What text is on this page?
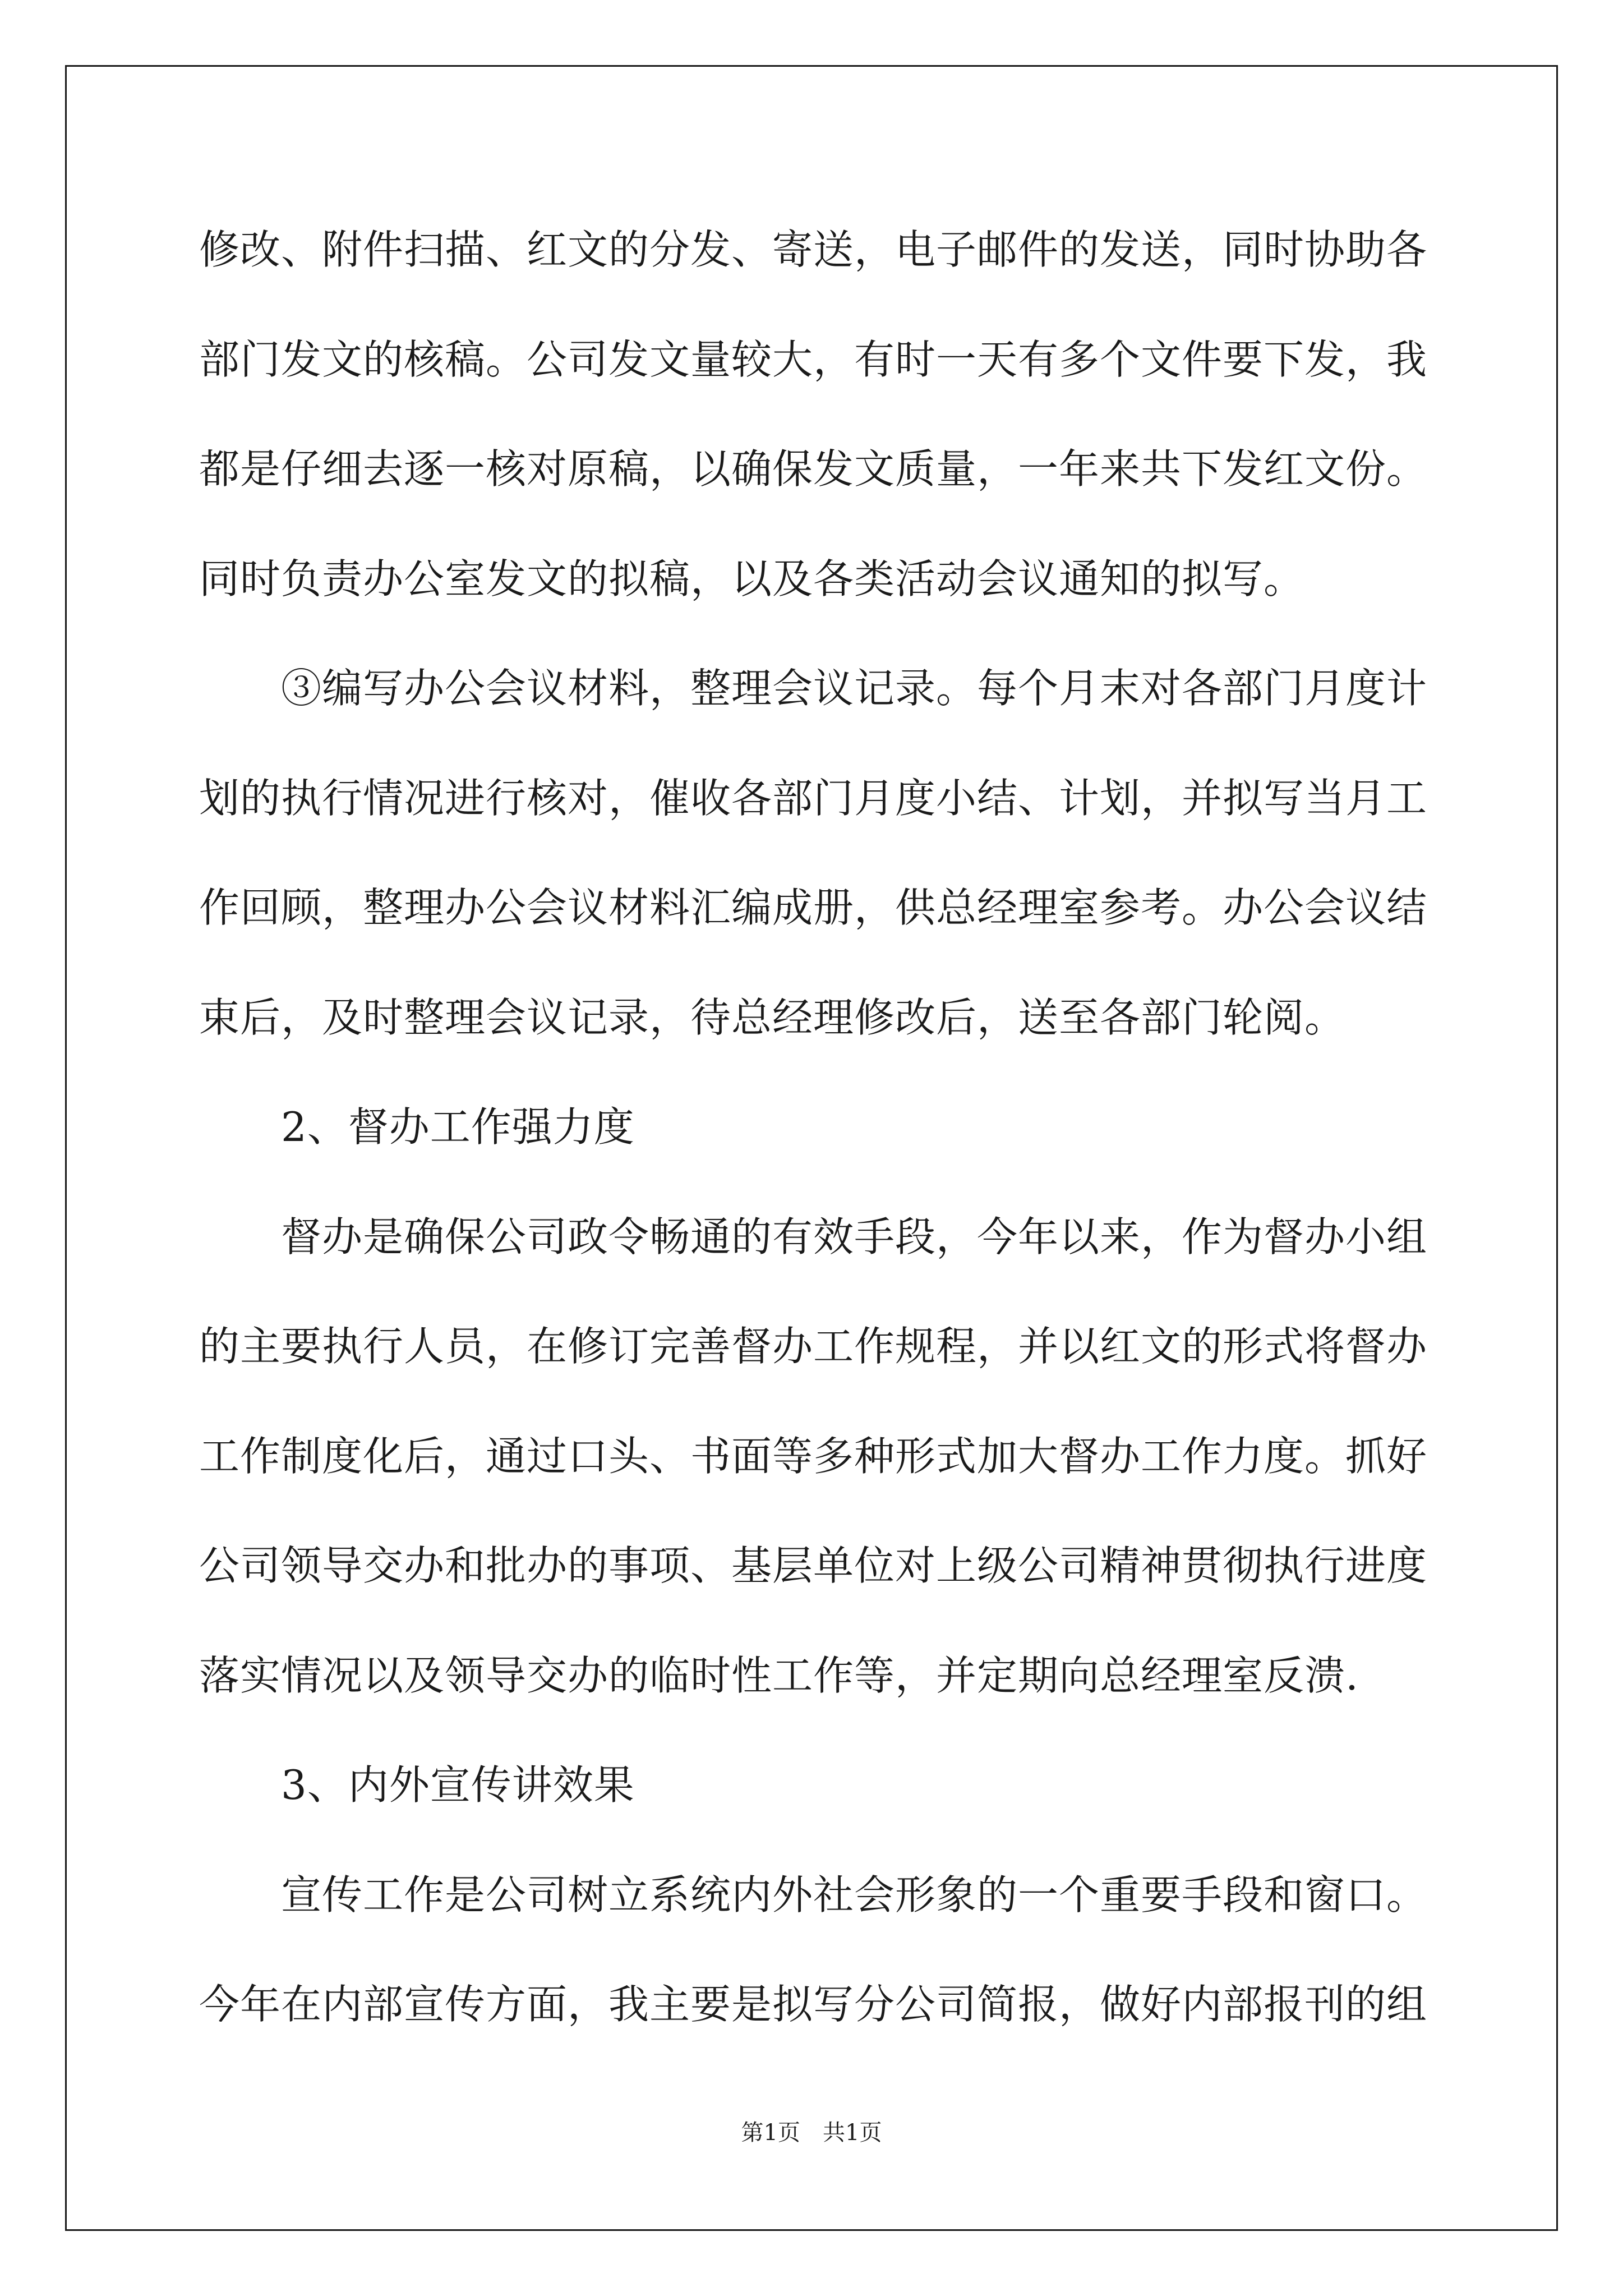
修改、附件扫描、红文的分发、寄送，电子邮件的发送，同时协助各
部门发文的核稿。公司发文量较大，有时一天有多个文件要下发，我
都是仔细去逐一核对原稿，以确保发文质量，一年来共下发红文份。
同时负责办公室发文的拟稿，以及各类活动会议通知的拟写。
③编写办公会议材料，整理会议记录。每个月末对各部门月度计
划的执行情况进行核对，催收各部门月度小结、计划，并拟写当月工
作回顾，整理办公会议材料汇编成册，供总经理室参考。办公会议结
束后，及时整理会议记录，待总经理修改后，送至各部门轮阅。
2、督办工作强力度
督办是确保公司政令畅通的有效手段，今年以来，作为督办小组
的主要执行人员，在修订完善督办工作规程，并以红文的形式将督办
工作制度化后，通过口头、书面等多种形式加大督办工作力度。抓好
公司领导交办和批办的事项、基层单位对上级公司精神贯彻执行进度
落实情况以及领导交办的临时性工作等，并定期向总经理室反溃.
3、内外宣传讲效果
宣传工作是公司树立系统内外社会形象的一个重要手段和窗口。
今年在内部宣传方面，我主要是拟写分公司简报，做好内部报刊的组
第1页　共1页
